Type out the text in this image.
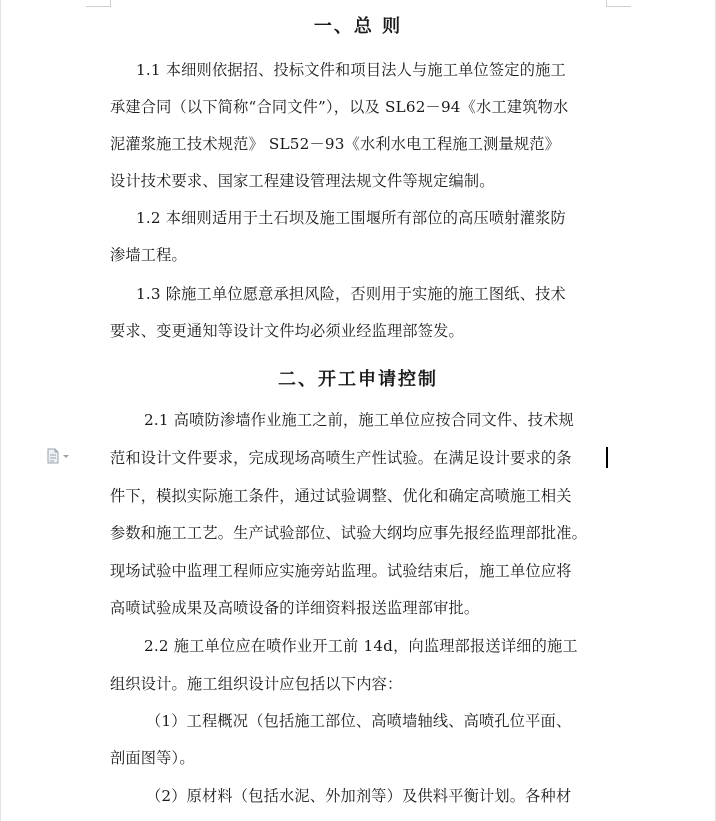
一、总 则
1.1 本细则依据招、投标文件和项目法人与施工单位签定的施工
承建合同（以下简称“合同文件”），以及 SL62－94《水工建筑物水
泥灌浆施工技术规范》 SL52－93《水利水电工程施工测量规范》
设计技术要求、国家工程建设管理法规文件等规定编制。
1.2 本细则适用于土石坝及施工围堰所有部位的高压喷射灌浆防
渗墙工程。
1.3 除施工单位愿意承担风险，否则用于实施的施工图纸、技术
要求、变更通知等设计文件均必须业经监理部签发。
二、开工申请控制
2.1 高喷防渗墙作业施工之前，施工单位应按合同文件、技术规
范和设计文件要求，完成现场高喷生产性试验。在满足设计要求的条
件下，模拟实际施工条件，通过试验调整、优化和确定高喷施工相关
参数和施工工艺。生产试验部位、试验大纲均应事先报经监理部批准。
现场试验中监理工程师应实施旁站监理。试验结束后，施工单位应将
高喷试验成果及高喷设备的详细资料报送监理部审批。
2.2 施工单位应在喷作业开工前 14d，向监理部报送详细的施工
组织设计。施工组织设计应包括以下内容：
（1）工程概况（包括施工部位、高喷墙轴线、高喷孔位平面、
剖面图等）。
（2）原材料（包括水泥、外加剂等）及供料平衡计划。各种材
